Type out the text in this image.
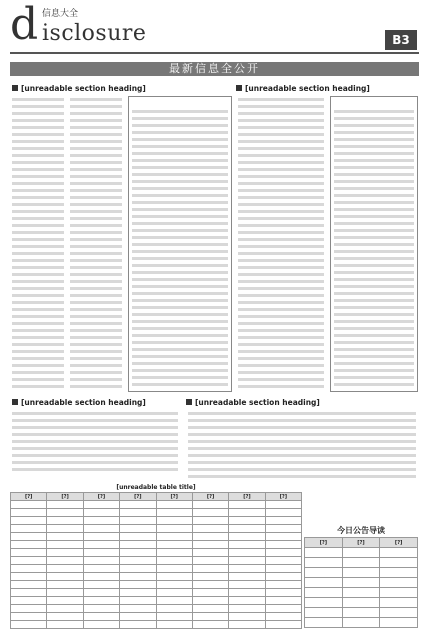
信息大全
d isclosure	B3
最新信息全公开
[unreadable section heading]	[unreadable section heading]
[unreadable section heading]	[unreadable section heading]
[unreadable table title]
[?]	[?]	[?]	[?]	[?]	[?]	[?]	[?]

今日公告导读
[?]	[?]	[?]
